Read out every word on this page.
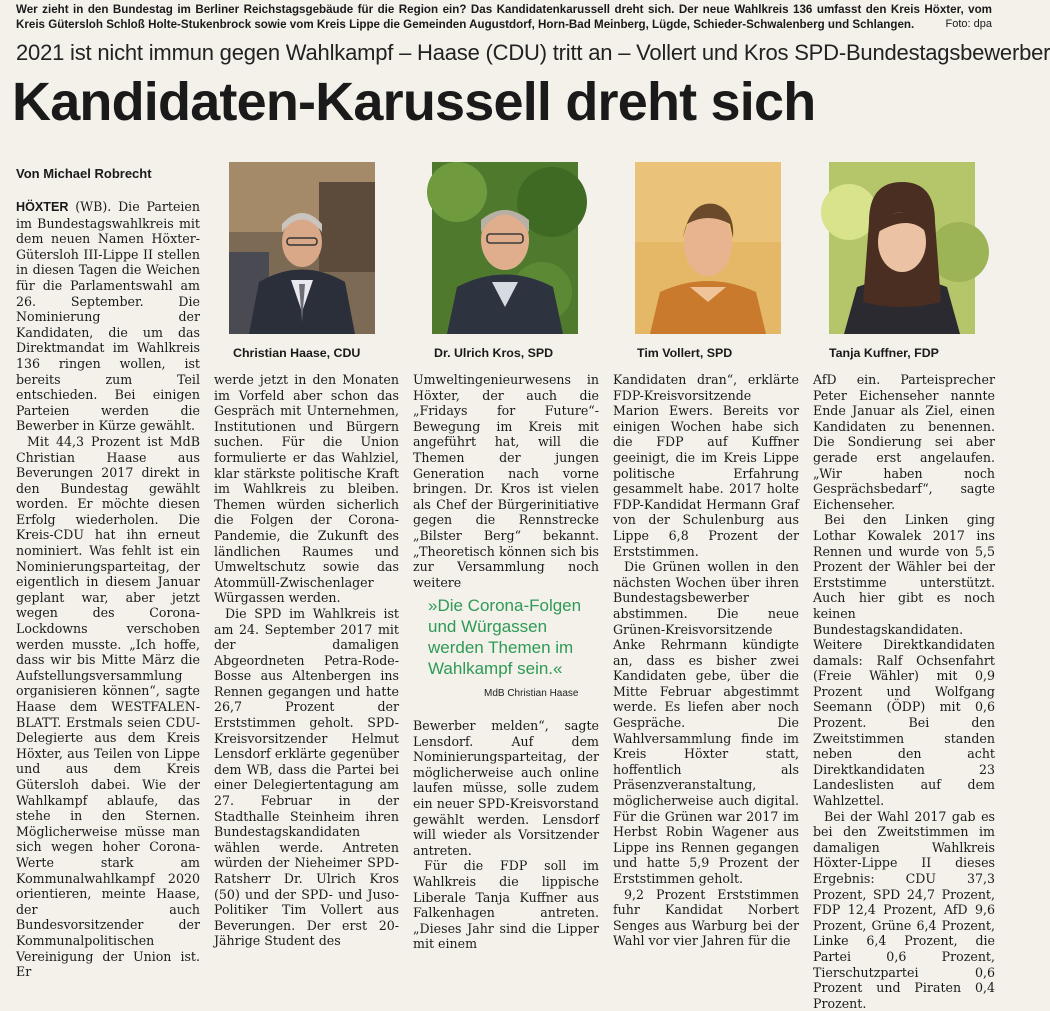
Wer zieht in den Bundestag im Berliner Reichstagsgebäude für die Region ein? Das Kandidatenkarussell dreht sich. Der neue Wahlkreis 136 umfasst den Kreis Höxter, vom Kreis Gütersloh Schloß Holte-Stukenbrock sowie vom Kreis Lippe die Gemeinden Augustdorf, Horn-Bad Meinberg, Lügde, Schieder-Schwalenberg und Schlangen.	Foto: dpa
2021 ist nicht immun gegen Wahlkampf – Haase (CDU) tritt an – Vollert und Kros SPD-Bundestagsbewerber
Kandidaten-Karussell dreht sich
Von Michael Robrecht
Christian Haase, CDU	Dr. Ulrich Kros, SPD	Tim Vollert, SPD	Tanja Kuffner, FDP

HÖXTER (WB). Die Parteien im Bundestagswahlkreis mit dem neuen Namen Höxter-Gütersloh III-Lippe II stellen in diesen Tagen die Weichen für die Parlamentswahl am 26. September. Die Nominierung der Kandidaten, die um das Direktmandat im Wahlkreis 136 ringen wollen, ist bereits zum Teil entschieden. Bei einigen Parteien werden die Bewerber in Kürze gewählt.

Mit 44,3 Prozent ist MdB Christian Haase aus Beverungen 2017 direkt in den Bundestag gewählt worden. Er möchte diesen Erfolg wiederholen. Die Kreis-CDU hat ihn erneut nominiert. Was fehlt ist ein Nominierungsparteitag, der eigentlich in diesem Januar geplant war, aber jetzt wegen des Corona-Lockdowns verschoben werden musste. „Ich hoffe, dass wir bis Mitte März die Aufstellungsversammlung organisieren können“, sagte Haase dem WESTFALEN-BLATT. Erstmals seien CDU-Delegierte aus dem Kreis Höxter, aus Teilen von Lippe und aus dem Kreis Gütersloh dabei. Wie der Wahlkampf ablaufe, das stehe in den Sternen. Möglicherweise müsse man sich wegen hoher Corona-Werte stark am Kommunalwahlkampf 2020 orientieren, meinte Haase, der auch Bundesvorsitzender der Kommunalpolitischen Vereinigung der Union ist. Er

werde jetzt in den Monaten im Vorfeld aber schon das Gespräch mit Unternehmen, Institutionen und Bürgern suchen. Für die Union formulierte er das Wahlziel, klar stärkste politische Kraft im Wahlkreis zu bleiben. Themen würden sicherlich die Folgen der Corona-Pandemie, die Zukunft des ländlichen Raumes und Umweltschutz sowie das Atommüll-Zwischenlager Würgassen werden.

Die SPD im Wahlkreis ist am 24. September 2017 mit der damaligen Abgeordneten Petra-Rode-Bosse aus Altenbergen ins Rennen gegangen und hatte 26,7 Prozent der Erststimmen geholt. SPD-Kreisvorsitzender Helmut Lensdorf erklärte gegenüber dem WB, dass die Partei bei einer Delegiertentagung am 27. Februar in der Stadthalle Steinheim ihren Bundestagskandidaten wählen werde. Antreten würden der Nieheimer SPD-Ratsherr Dr. Ulrich Kros (50) und der SPD- und Juso-Politiker Tim Vollert aus Beverungen. Der erst 20-Jährige Student des

Umweltingenieurwesens in Höxter, der auch die „Fridays for Future“-Bewegung im Kreis mit angeführt hat, will die Themen der jungen Generation nach vorne bringen. Dr. Kros ist vielen als Chef der Bürgerinitiative gegen die Rennstrecke „Bilster Berg“ bekannt. „Theoretisch können sich bis zur Versammlung noch weitere

»Die Corona-Folgen und Würgassen werden Themen im Wahlkampf sein.«
MdB Christian Haase

Bewerber melden“, sagte Lensdorf. Auf dem Nominierungsparteitag, der möglicherweise auch online laufen müsse, solle zudem ein neuer SPD-Kreisvorstand gewählt werden. Lensdorf will wieder als Vorsitzender antreten.

Für die FDP soll im Wahlkreis die lippische Liberale Tanja Kuffner aus Falkenhagen antreten. „Dieses Jahr sind die Lipper mit einem

Kandidaten dran“, erklärte FDP-Kreisvorsitzende Marion Ewers. Bereits vor einigen Wochen habe sich die FDP auf Kuffner geeinigt, die im Kreis Lippe politische Erfahrung gesammelt habe. 2017 holte FDP-Kandidat Hermann Graf von der Schulenburg aus Lippe 6,8 Prozent der Erststimmen.

Die Grünen wollen in den nächsten Wochen über ihren Bundestagsbewerber abstimmen. Die neue Grünen-Kreisvorsitzende Anke Rehrmann kündigte an, dass es bisher zwei Kandidaten gebe, über die Mitte Februar abgestimmt werde. Es liefen aber noch Gespräche. Die Wahlversammlung finde im Kreis Höxter statt, hoffentlich als Präsenzveranstaltung, möglicherweise auch digital. Für die Grünen war 2017 im Herbst Robin Wagener aus Lippe ins Rennen gegangen und hatte 5,9 Prozent der Erststimmen geholt.

9,2 Prozent Erststimmen fuhr Kandidat Norbert Senges aus Warburg bei der Wahl vor vier Jahren für die

AfD ein. Parteisprecher Peter Eichenseher nannte Ende Januar als Ziel, einen Kandidaten zu benennen. Die Sondierung sei aber gerade erst angelaufen. „Wir haben noch Gesprächsbedarf“, sagte Eichenseher.

Bei den Linken ging Lothar Kowalek 2017 ins Rennen und wurde von 5,5 Prozent der Wähler bei der Erststimme unterstützt. Auch hier gibt es noch keinen Bundestagskandidaten. Weitere Direktkandidaten damals: Ralf Ochsenfahrt (Freie Wähler) mit 0,9 Prozent und Wolfgang Seemann (ÖDP) mit 0,6 Prozent. Bei den Zweitstimmen standen neben den acht Direktkandidaten 23 Landeslisten auf dem Wahlzettel.

Bei der Wahl 2017 gab es bei den Zweitstimmen im damaligen Wahlkreis Höxter-Lippe II dieses Ergebnis: CDU 37,3 Prozent, SPD 24,7 Prozent, FDP 12,4 Prozent, AfD 9,6 Prozent, Grüne 6,4 Prozent, Linke 6,4 Prozent, die Partei 0,6 Prozent, Tierschutzpartei 0,6 Prozent und Piraten 0,4 Prozent.
